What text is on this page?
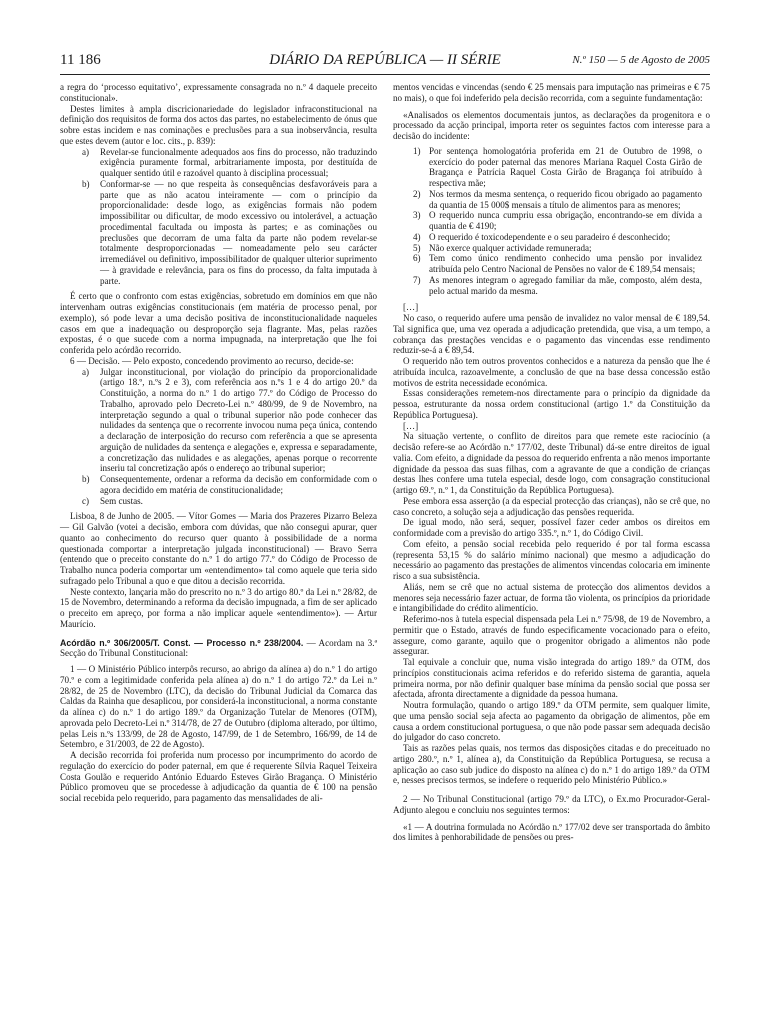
11 186	DIÁRIO DA REPÚBLICA — II SÉRIE	N.º 150 — 5 de Agosto de 2005

a regra do ‘processo equitativo’, expressamente consagrada no n.º 4 daquele preceito constitucional».

Destes limites à ampla discricionariedade do legislador infraconstitucional na definição dos requisitos de forma dos actos das partes, no estabelecimento de ónus que sobre estas incidem e nas cominações e preclusões para a sua inobservância, resulta que estes devem (autor e loc. cits., p. 839):

a) Revelar-se funcionalmente adequados aos fins do processo, não traduzindo exigência puramente formal, arbitrariamente imposta, por destituída de qualquer sentido útil e razoável quanto à disciplina processual;
b) Conformar-se — no que respeita às consequências desfavoráveis para a parte que as não acatou inteiramente — com o princípio da proporcionalidade: desde logo, as exigências formais não podem impossibilitar ou dificultar, de modo excessivo ou intolerável, a actuação procedimental facultada ou imposta às partes; e as cominações ou preclusões que decorram de uma falta da parte não podem revelar-se totalmente desproporcionadas — nomeadamente pelo seu carácter irremediável ou definitivo, impossibilitador de qualquer ulterior suprimento — à gravidade e relevância, para os fins do processo, da falta imputada à parte.

É certo que o confronto com estas exigências, sobretudo em domínios em que não intervenham outras exigências constitucionais (em matéria de processo penal, por exemplo), só pode levar a uma decisão positiva de inconstitucionalidade naqueles casos em que a inadequação ou desproporção seja flagrante. Mas, pelas razões expostas, é o que sucede com a norma impugnada, na interpretação que lhe foi conferida pelo acórdão recorrido.

6 — Decisão. — Pelo exposto, concedendo provimento ao recurso, decide-se:

a) Julgar inconstitucional, por violação do princípio da proporcionalidade (artigo 18.º, n.ºs 2 e 3), com referência aos n.ºs 1 e 4 do artigo 20.º da Constituição, a norma do n.º 1 do artigo 77.º do Código de Processo do Trabalho, aprovado pelo Decreto-Lei n.º 480/99, de 9 de Novembro, na interpretação segundo a qual o tribunal superior não pode conhecer das nulidades da sentença que o recorrente invocou numa peça única, contendo a declaração de interposição do recurso com referência a que se apresenta arguição de nulidades da sentença e alegações e, expressa e separadamente, a concretização das nulidades e as alegações, apenas porque o recorrente inseriu tal concretização após o endereço ao tribunal superior;
b) Consequentemente, ordenar a reforma da decisão em conformidade com o agora decidido em matéria de constitucionalidade;
c) Sem custas.

Lisboa, 8 de Junho de 2005. — Vítor Gomes — Maria dos Prazeres Pizarro Beleza — Gil Galvão (votei a decisão, embora com dúvidas, que não consegui apurar, quer quanto ao conhecimento do recurso quer quanto à possibilidade de a norma questionada comportar a interpretação julgada inconstitucional) — Bravo Serra (entendo que o preceito constante do n.º 1 do artigo 77.º do Código de Processo de Trabalho nunca poderia comportar um «entendimento» tal como aquele que teria sido sufragado pelo Tribunal a quo e que ditou a decisão recorrida.

Neste contexto, lançaria mão do prescrito no n.º 3 do artigo 80.º da Lei n.º 28/82, de 15 de Novembro, determinando a reforma da decisão impugnada, a fim de ser aplicado o preceito em apreço, por forma a não implicar aquele «entendimento»). — Artur Maurício.

Acórdão n.º 306/2005/T. Const. — Processo n.º 238/2004. — Acordam na 3.ª Secção do Tribunal Constitucional:

1 — O Ministério Público interpôs recurso, ao abrigo da alínea a) do n.º 1 do artigo 70.º e com a legitimidade conferida pela alínea a) do n.º 1 do artigo 72.º da Lei n.º 28/82, de 25 de Novembro (LTC), da decisão do Tribunal Judicial da Comarca das Caldas da Rainha que desaplicou, por considerá-la inconstitucional, a norma constante da alínea c) do n.º 1 do artigo 189.º da Organização Tutelar de Menores (OTM), aprovada pelo Decreto-Lei n.º 314/78, de 27 de Outubro (diploma alterado, por último, pelas Leis n.ºs 133/99, de 28 de Agosto, 147/99, de 1 de Setembro, 166/99, de 14 de Setembro, e 31/2003, de 22 de Agosto).

A decisão recorrida foi proferida num processo por incumprimento do acordo de regulação do exercício do poder paternal, em que é requerente Sílvia Raquel Teixeira Costa Goulão e requerido António Eduardo Esteves Girão Bragança. O Ministério Público promoveu que se procedesse à adjudicação da quantia de € 100 na pensão social recebida pelo requerido, para pagamento das mensalidades de ali-

mentos vencidas e vincendas (sendo € 25 mensais para imputação nas primeiras e € 75 no mais), o que foi indeferido pela decisão recorrida, com a seguinte fundamentação:

«Analisados os elementos documentais juntos, as declarações da progenitora e o processado da acção principal, importa reter os seguintes factos com interesse para a decisão do incidente:

1) Por sentença homologatória proferida em 21 de Outubro de 1998, o exercício do poder paternal das menores Mariana Raquel Costa Girão de Bragança e Patrícia Raquel Costa Girão de Bragança foi atribuído à respectiva mãe;
2) Nos termos da mesma sentença, o requerido ficou obrigado ao pagamento da quantia de 15 000$ mensais a título de alimentos para as menores;
3) O requerido nunca cumpriu essa obrigação, encontrando-se em dívida a quantia de € 4190;
4) O requerido é toxicodependente e o seu paradeiro é desconhecido;
5) Não exerce qualquer actividade remunerada;
6) Tem como único rendimento conhecido uma pensão por invalidez atribuída pelo Centro Nacional de Pensões no valor de € 189,54 mensais;
7) As menores integram o agregado familiar da mãe, composto, além desta, pelo actual marido da mesma.

[…]

No caso, o requerido aufere uma pensão de invalidez no valor mensal de € 189,54. Tal significa que, uma vez operada a adjudicação pretendida, que visa, a um tempo, a cobrança das prestações vencidas e o pagamento das vincendas esse rendimento reduzir-se-á a € 89,54.

O requerido não tem outros proventos conhecidos e a natureza da pensão que lhe é atribuída inculca, razoavelmente, a conclusão de que na base dessa concessão estão motivos de estrita necessidade económica.

Essas considerações remetem-nos directamente para o princípio da dignidade da pessoa, estruturante da nossa ordem constitucional (artigo 1.º da Constituição da República Portuguesa).

[…]

Na situação vertente, o conflito de direitos para que remete este raciocínio (a decisão refere-se ao Acórdão n.º 177/02, deste Tribunal) dá-se entre direitos de igual valia. Com efeito, a dignidade da pessoa do requerido enfrenta a não menos importante dignidade da pessoa das suas filhas, com a agravante de que a condição de crianças destas lhes confere uma tutela especial, desde logo, com consagração constitucional (artigo 69.º, n.º 1, da Constituição da República Portuguesa).

Pese embora essa asserção (a da especial protecção das crianças), não se crê que, no caso concreto, a solução seja a adjudicação das pensões requerida.

De igual modo, não será, sequer, possível fazer ceder ambos os direitos em conformidade com a previsão do artigo 335.º, n.º 1, do Código Civil.

Com efeito, a pensão social recebida pelo requerido é por tal forma escassa (representa 53,15 % do salário mínimo nacional) que mesmo a adjudicação do necessário ao pagamento das prestações de alimentos vincendas colocaria em iminente risco a sua subsistência.

Aliás, nem se crê que no actual sistema de protecção dos alimentos devidos a menores seja necessário fazer actuar, de forma tão violenta, os princípios da prioridade e intangibilidade do crédito alimentício.

Referimo-nos à tutela especial dispensada pela Lei n.º 75/98, de 19 de Novembro, a permitir que o Estado, através de fundo especificamente vocacionado para o efeito, assegure, como garante, aquilo que o progenitor obrigado a alimentos não pode assegurar.

Tal equivale a concluir que, numa visão integrada do artigo 189.º da OTM, dos princípios constitucionais acima referidos e do referido sistema de garantia, aquela primeira norma, por não definir qualquer base mínima da pensão social que possa ser afectada, afronta directamente a dignidade da pessoa humana.

Noutra formulação, quando o artigo 189.º da OTM permite, sem qualquer limite, que uma pensão social seja afecta ao pagamento da obrigação de alimentos, põe em causa a ordem constitucional portuguesa, o que não pode passar sem adequada decisão do julgador do caso concreto.

Tais as razões pelas quais, nos termos das disposições citadas e do preceituado no artigo 280.º, n.º 1, alínea a), da Constituição da República Portuguesa, se recusa a aplicação ao caso sub judice do disposto na alínea c) do n.º 1 do artigo 189.º da OTM e, nesses precisos termos, se indefere o requerido pelo Ministério Público.»

2 — No Tribunal Constitucional (artigo 79.º da LTC), o Ex.mo Procurador-Geral-Adjunto alegou e concluiu nos seguintes termos:

«1 — A doutrina formulada no Acórdão n.º 177/02 deve ser transportada do âmbito dos limites à penhorabilidade de pensões ou pres-
